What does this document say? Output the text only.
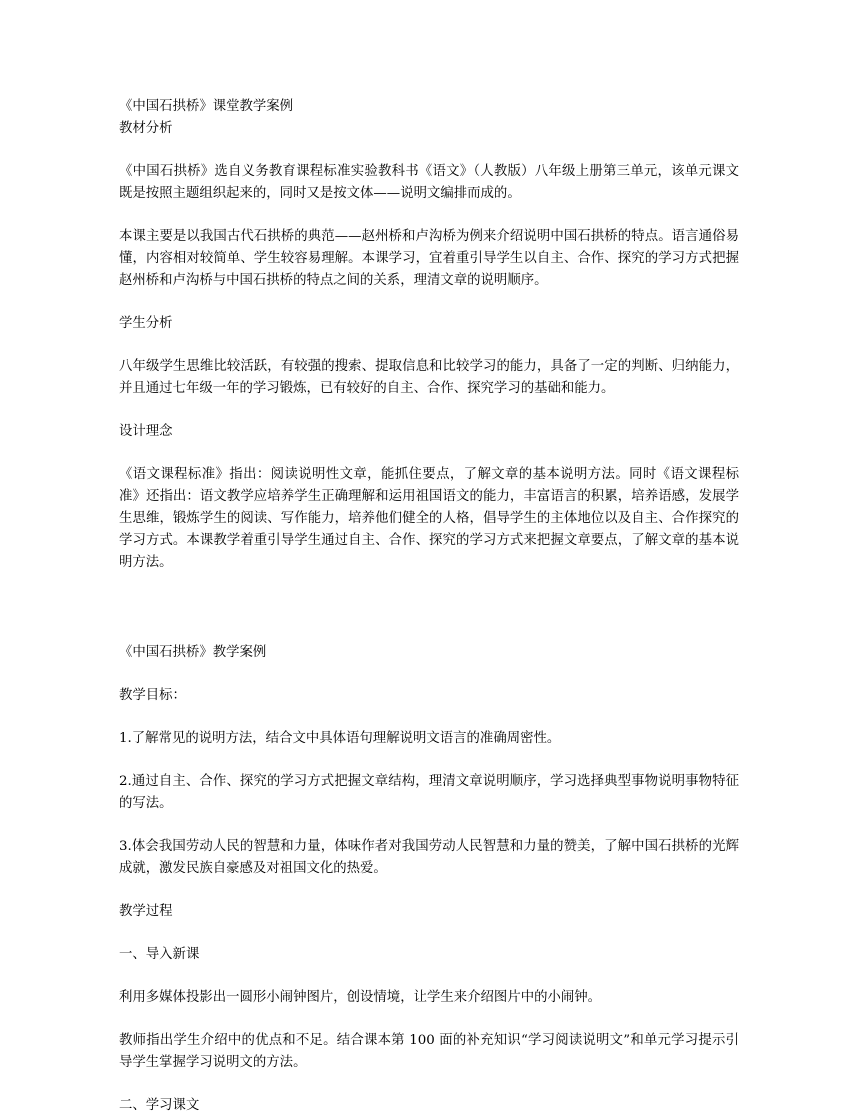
《中国石拱桥》课堂教学案例

教材分析

《中国石拱桥》选自义务教育课程标准实验教科书《语文》（人教版）八年级上册第三单元，该单元课文既是按照主题组织起来的，同时又是按文体——说明文编排而成的。

本课主要是以我国古代石拱桥的典范——赵州桥和卢沟桥为例来介绍说明中国石拱桥的特点。语言通俗易懂，内容相对较简单、学生较容易理解。本课学习，宜着重引导学生以自主、合作、探究的学习方式把握赵州桥和卢沟桥与中国石拱桥的特点之间的关系，理清文章的说明顺序。

学生分析

八年级学生思维比较活跃，有较强的搜索、提取信息和比较学习的能力，具备了一定的判断、归纳能力，并且通过七年级一年的学习锻炼，已有较好的自主、合作、探究学习的基础和能力。

设计理念

《语文课程标准》指出：阅读说明性文章，能抓住要点，了解文章的基本说明方法。同时《语文课程标准》还指出：语文教学应培养学生正确理解和运用祖国语文的能力，丰富语言的积累，培养语感，发展学生思维，锻炼学生的阅读、写作能力，培养他们健全的人格，倡导学生的主体地位以及自主、合作探究的学习方式。本课教学着重引导学生通过自主、合作、探究的学习方式来把握文章要点，了解文章的基本说明方法。

《中国石拱桥》教学案例

教学目标：

1.了解常见的说明方法，结合文中具体语句理解说明文语言的准确周密性。

2.通过自主、合作、探究的学习方式把握文章结构，理清文章说明顺序，学习选择典型事物说明事物特征的写法。

3.体会我国劳动人民的智慧和力量，体味作者对我国劳动人民智慧和力量的赞美，了解中国石拱桥的光辉成就，激发民族自豪感及对祖国文化的热爱。

教学过程

一、导入新课

利用多媒体投影出一圆形小闹钟图片，创设情境，让学生来介绍图片中的小闹钟。

教师指出学生介绍中的优点和不足。结合课本第 100 面的补充知识“学习阅读说明文”和单元学习提示引导学生掌握学习说明文的方法。

二、学习课文
